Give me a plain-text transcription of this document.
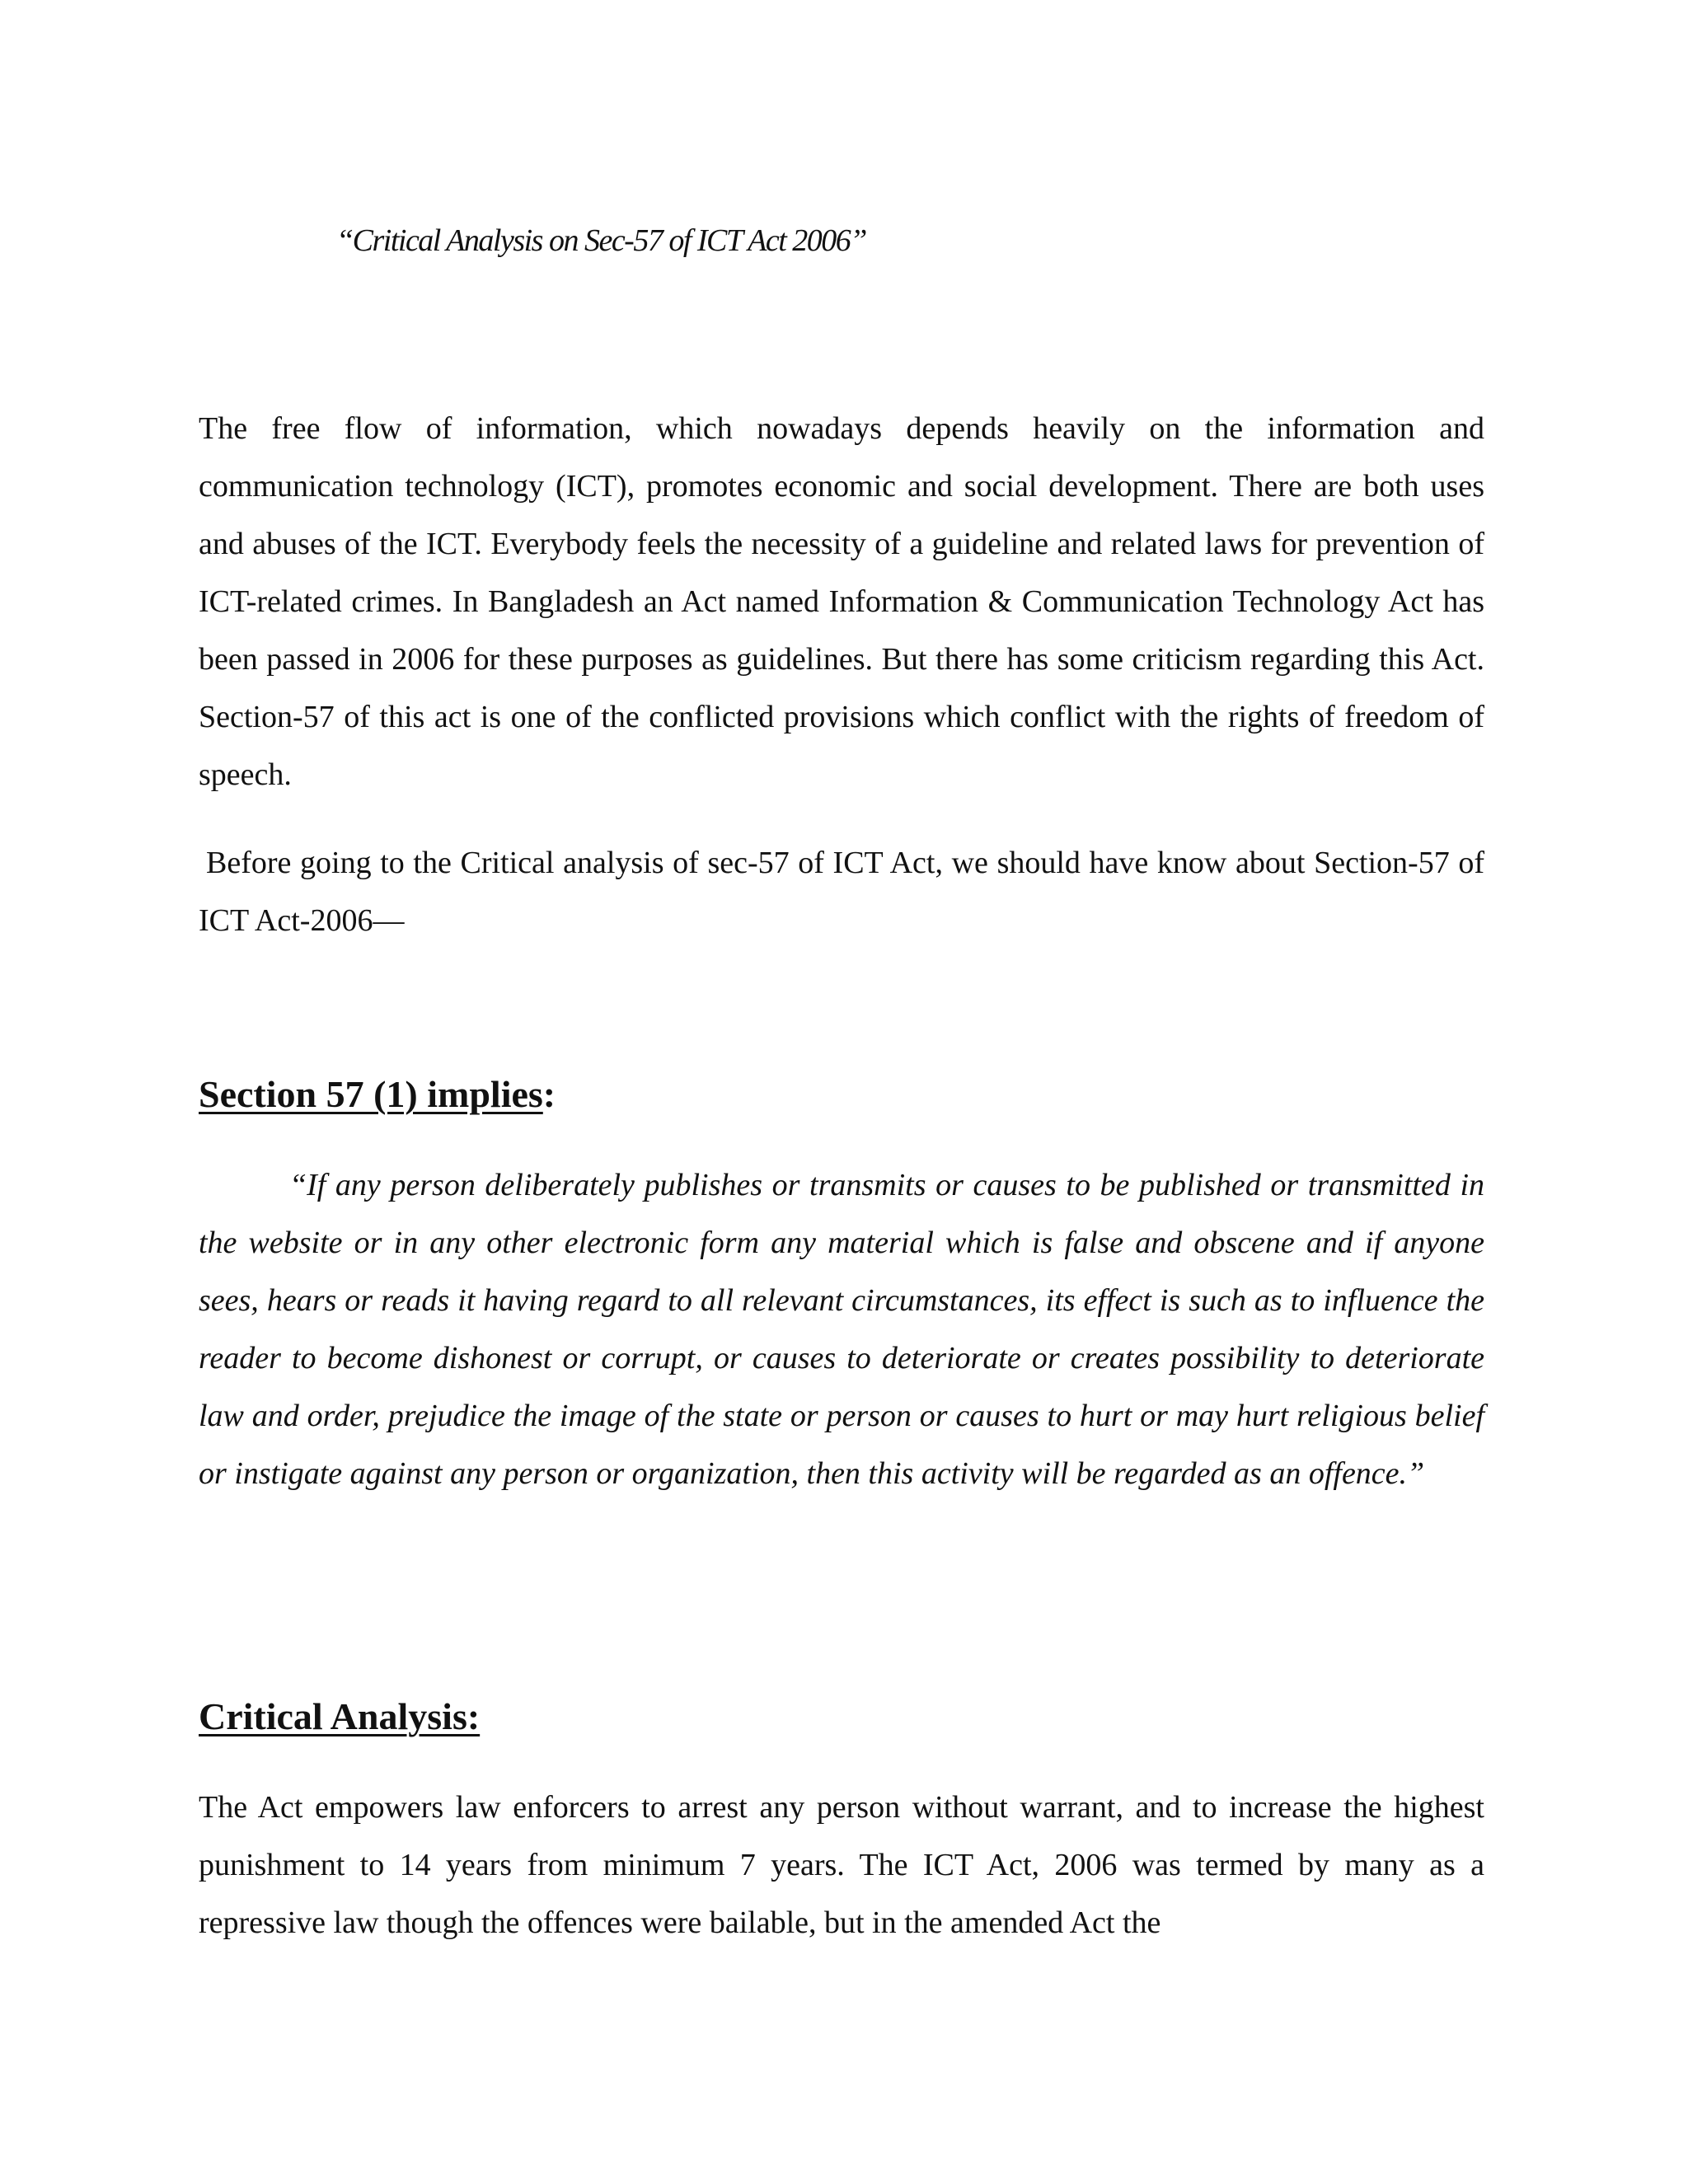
“Critical Analysis on Sec-57 of ICT Act 2006”

The free flow of information, which nowadays depends heavily on the information and communication technology (ICT), promotes economic and social development. There are both uses and abuses of the ICT. Everybody feels the necessity of a guideline and related laws for prevention of ICT-related crimes. In Bangladesh an Act named Information & Communication Technology Act has been passed in 2006 for these purposes as guidelines. But there has some criticism regarding this Act. Section-57 of this act is one of the conflicted provisions which conflict with the rights of freedom of speech.

Before going to the Critical analysis of sec-57 of ICT Act, we should have know about Section-57 of ICT Act-2006—

Section 57 (1) implies:

“If any person deliberately publishes or transmits or causes to be published or transmitted in the website or in any other electronic form any material which is false and obscene and if anyone sees, hears or reads it having regard to all relevant circumstances, its effect is such as to influence the reader to become dishonest or corrupt, or causes to deteriorate or creates possibility to deteriorate law and order, prejudice the image of the state or person or causes to hurt or may hurt religious belief or instigate against any person or organization, then this activity will be regarded as an offence.”

Critical Analysis:

The Act empowers law enforcers to arrest any person without warrant, and to increase the highest punishment to 14 years from minimum 7 years. The ICT Act, 2006 was termed by many as a repressive law though the offences were bailable, but in the amended Act the
